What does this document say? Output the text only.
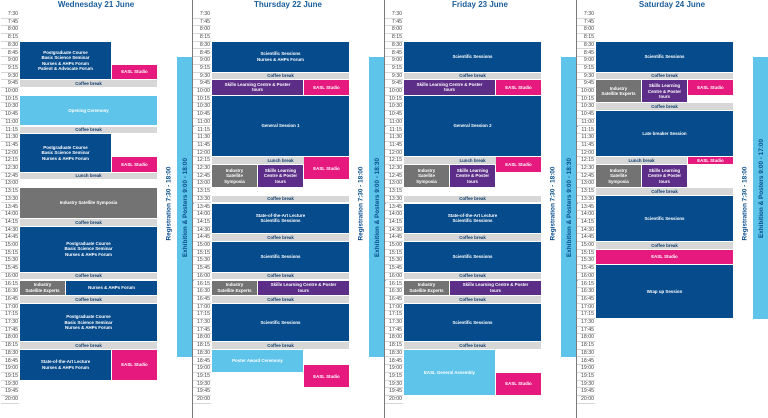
Wednesday 21 June
7:30
7:45
8:00
8:15
8:30
8:45
9:00
9:15
9:30
9:45
10:00
10:15
10:30
10:45
11:00
11:15
11:30
11:45
12:00
12:15
12:30
12:45
13:00
13:15
13:30
13:45
14:00
14:15
14:30
14:45
15:00
15:15
15:30
15:45
16:00
16:15
16:30
16:45
17:00
17:15
17:30
17:45
18:00
18:15
18:30
18:45
19:00
19:15
19:30
19:45
20:00
Postgraduate Course
Basic Science Seminar
Nurses & AHPs Forum
Patient & Advocate Forum
EASL Studio
Coffee break
Opening Ceremony
Coffee break
Postgraduate Course
Basic Science Seminar
Nurses & AHPs Forum
EASL Studio
Lunch break
Industry Satellite Symposia
Coffee break
Postgraduate Course
Basic Science Seminar
Nurses & AHPs Forum
Coffee break
Industry
Satellite Experts
Nurses & AHPs Forum
Coffee break
Postgraduate Course
Basic Science Seminar
Nurses & AHPs Forum
Coffee break
State-of-the-Art Lecture
Nurses & AHPs Forum
EASL Studio
Registration 7:30 - 18:00 Exhibition & Posters 9:00 - 18:00
Thursday 22 June
7:30
7:45
8:00
8:15
8:30
8:45
9:00
9:15
9:30
9:45
10:00
10:15
10:30
10:45
11:00
11:15
11:30
11:45
12:00
12:15
12:30
12:45
13:00
13:15
13:30
13:45
14:00
14:15
14:30
14:45
15:00
15:15
15:30
15:45
16:00
16:15
16:30
16:45
17:00
17:15
17:30
17:45
18:00
18:15
18:30
18:45
19:00
19:15
19:30
19:45
20:00
Scientific Sessions
Nurses & AHPs Forum
Coffee break
Skills Learning Centre & Poster
tours
EASL Studio
General Session 1
Lunch break
Industry
Satellite
Symposia
Skills Learning
Centre & Poster
tours
EASL Studio
Coffee break
State-of-the-Art Lecture
Scientific Sessions
Coffee break
Scientific Sessions
Coffee break
Industry
Satellite Experts
Skills Learning Centre & Poster
tours
Coffee break
Scientific Sessions
Coffee break
Poster Award Ceremony
EASL Studio
Registration 7:30 - 18:00 Exhibition & Posters 9:00 - 18:30
Friday 23 June
7:30
7:45
8:00
8:15
8:30
8:45
9:00
9:15
9:30
9:45
10:00
10:15
10:30
10:45
11:00
11:15
11:30
11:45
12:00
12:15
12:30
12:45
13:00
13:15
13:30
13:45
14:00
14:15
14:30
14:45
15:00
15:15
15:30
15:45
16:00
16:15
16:30
16:45
17:00
17:15
17:30
17:45
18:00
18:15
18:30
18:45
19:00
19:15
19:30
19:45
20:00
Scientific Sessions
Coffee break
Skills Learning Centre & Poster
tours
EASL Studio
General Session 2
Lunch break
Industry
Satellite
Symposia
Skills Learning
Centre & Poster
tours
EASL Studio
Coffee break
State-of-the-Art Lecture
Scientific Sessions
Coffee break
Scientific Sessions
Coffee break
Industry
Satellite Experts
Skills Learning Centre & Poster
tours
Coffee break
Scientific Sessions
Coffee break
EASL General Assembly
EASL Studio
Registration 7:30 - 18:00 Exhibition & Posters 9:00 - 18:30
Saturday 24 June
7:30
7:45
8:00
8:15
8:30
8:45
9:00
9:15
9:30
9:45
10:00
10:15
10:30
10:45
11:00
11:15
11:30
11:45
12:00
12:15
12:30
12:45
13:00
13:15
13:30
13:45
14:00
14:15
14:30
14:45
15:00
15:15
15:30
15:45
16:00
16:15
16:30
16:45
17:00
17:15
17:30
17:45
18:00
18:15
18:30
18:45
19:00
19:15
19:30
19:45
20:00
Scientific Sessions
Coffee break
Industry
Satellite Experts
Skills Learning
Centre & Poster
tours
EASL Studio
Coffee break
Late breaker Session
Lunch break	EASL Studio
Industry
Satellite
Symposia
Skills Learning
Centre & Poster
tours
Coffee break
Scientific Sessions
Coffee break
EASL Studio
Wrap up Session
Registration 7:30 - 18:00 Exhibition & Posters 9:00 - 17:00
